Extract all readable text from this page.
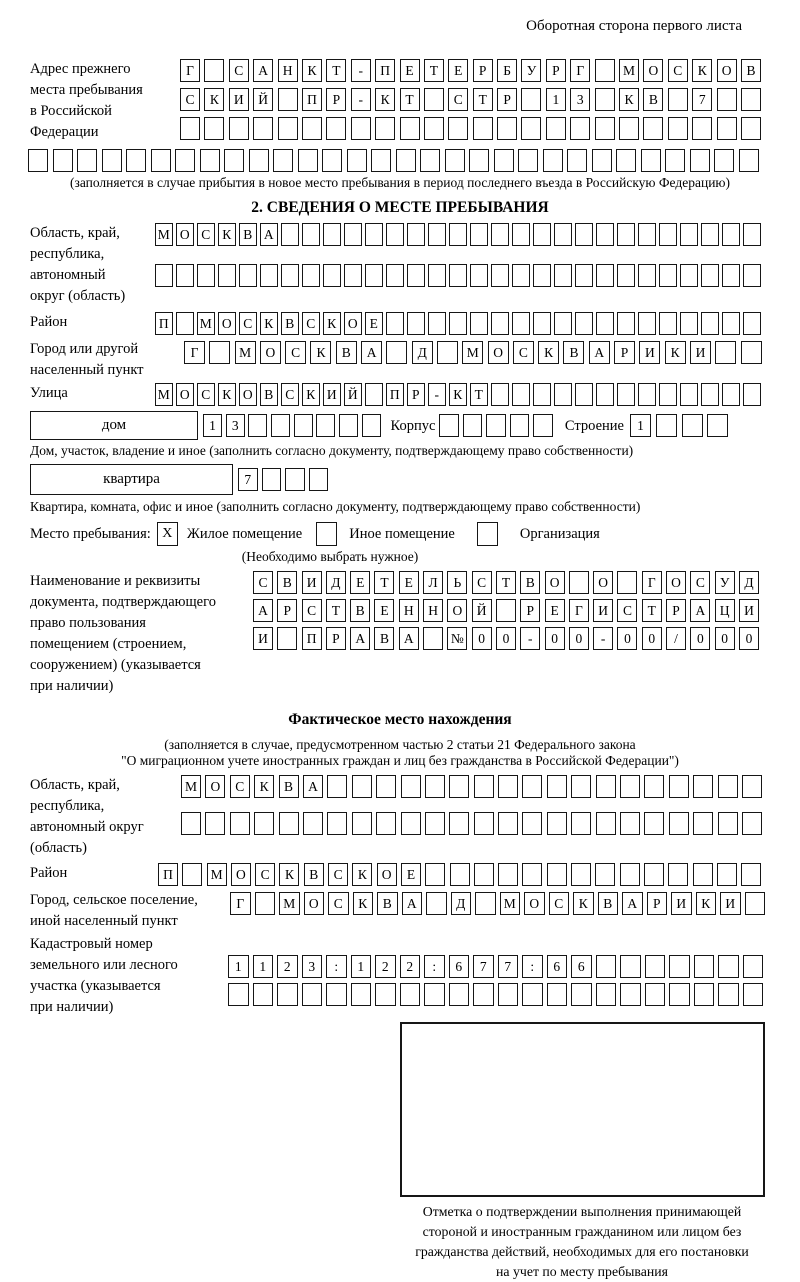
Оборотная сторона первого листа
Адрес прежнего
места пребывания
в Российской
Федерации
Г	С	А	Н	К	Т	-	П	Е	Т	Е	Р	Б	У	Р	Г	М	О	С	К	О	В
С	К	И	Й	П	Р	-	К	Т	С	Т	Р	1	3	К	В	7
(заполняется в случае прибытия в новое место пребывания в период последнего въезда в Российскую Федерацию)
2. СВЕДЕНИЯ О МЕСТЕ ПРЕБЫВАНИЯ
Область, край,
республика,
автономный
округ (область)
М О С К В А
Район	П М О С К В С К О Е
Город или другой
населенный пункт
Г	М	О	С	К	В	А	Д	М	О	С	К	В	А	Р	И	К	И
Улица	М О С К О В С К И Й П Р	-	К Т
дом	1	3	Корпус	Строение 1
Дом, участок, владение и иное (заполнить согласно документу, подтверждающему право собственности)
квартира	7
Квартира, комната, офис и иное (заполнить согласно документу, подтверждающему право собственности)
Место пребывания: X Жилое помещение	Иное помещение	Организация
(Необходимо выбрать нужное)
Наименование и реквизиты
документа, подтверждающего
право пользования
помещением (строением,
сооружением) (указывается
при наличии)
С	В	И	Д	Е	Т	Е	Л	Ь	С	Т	В	О	О	Г	О	С	У	Д
А	Р	С	Т	В	Е	Н	Н	О	Й	Р	Е	Г	И	С	Т	Р	А	Ц	И
И	П	Р	А	В	А	№	0	0	-	0	0	-	0	0	/	0	0	0
Фактическое место нахождения
(заполняется в случае, предусмотренном частью 2 статьи 21 Федерального закона
"О миграционном учете иностранных граждан и лиц без гражданства в Российской Федерации")
Область, край,
республика,
автономный округ
(область)
М	О	С	К	В	А
Район	П	М О	С	К	В	С	К	О	Е
Город, сельское поселение,
иной населенный пункт
Г	М	О	С	К	В	А	Д	М	О	С	К	В	А	Р	И	К	И
Кадастровый номер
земельного или лесного
участка (указывается
при наличии)
1	1	2	3	:	1	2	2	:	6	7	7	:	6	6
Отметка о подтверждении выполнения принимающей
стороной и иностранным гражданином или лицом без
гражданства действий, необходимых для его постановки
на учет по месту пребывания
